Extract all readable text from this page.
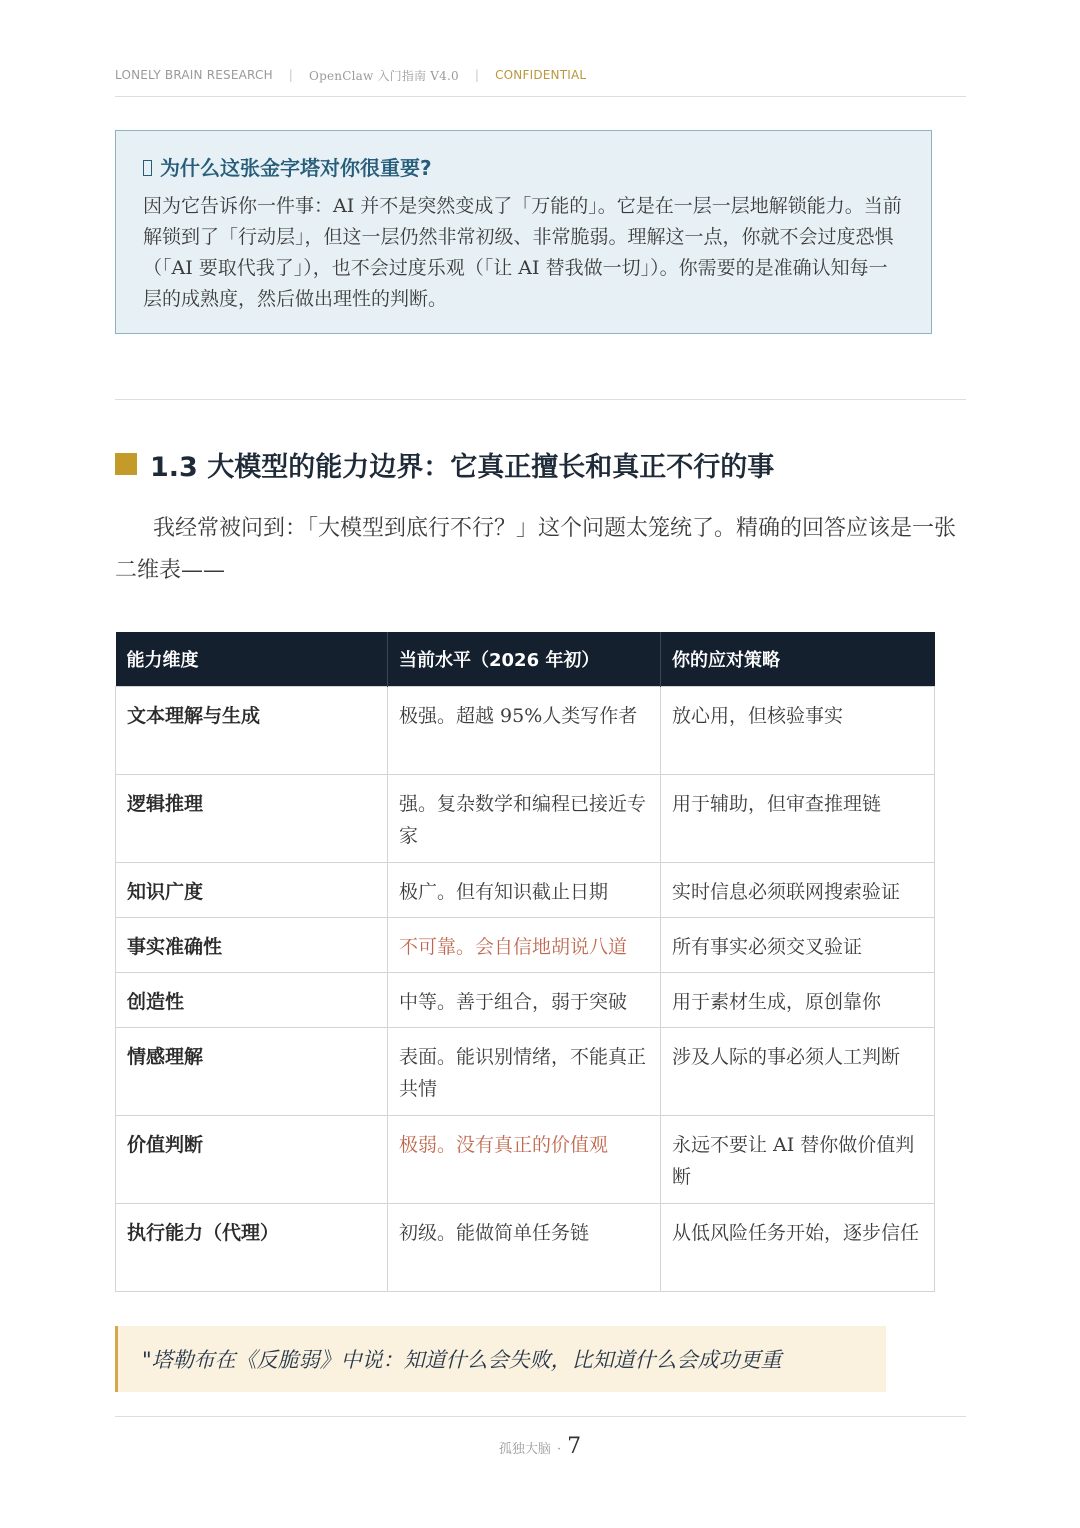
LONELY BRAIN RESEARCH | OpenClaw 入门指南 V4.0 | CONFIDENTIAL
为什么这张金字塔对你很重要?
因为它告诉你一件事：AI 并不是突然变成了「万能的」。它是在一层一层地解锁能力。当前解锁到了「行动层」，但这一层仍然非常初级、非常脆弱。理解这一点，你就不会过度恐惧（「AI 要取代我了」），也不会过度乐观（「让 AI 替我做一切」）。你需要的是准确认知每一层的成熟度，然后做出理性的判断。
1.3 大模型的能力边界：它真正擅长和真正不行的事
我经常被问到：「大模型到底行不行？」这个问题太笼统了。精确的回答应该是一张二维表——
能力维度	当前水平（2026 年初）	你的应对策略
文本理解与生成	极强。超越 95%人类写作者	放心用，但核验事实
逻辑推理	强。复杂数学和编程已接近专家	用于辅助，但审查推理链
知识广度	极广。但有知识截止日期	实时信息必须联网搜索验证
事实准确性	不可靠。会自信地胡说八道	所有事实必须交叉验证
创造性	中等。善于组合，弱于突破	用于素材生成，原创靠你
情感理解	表面。能识别情绪，不能真正共情	涉及人际的事必须人工判断
价值判断	极弱。没有真正的价值观	永远不要让 AI 替你做价值判断
执行能力（代理）	初级。能做简单任务链	从低风险任务开始，逐步信任
"塔勒布在《反脆弱》中说：知道什么会失败，比知道什么会成功更重
孤独大脑 · 7
